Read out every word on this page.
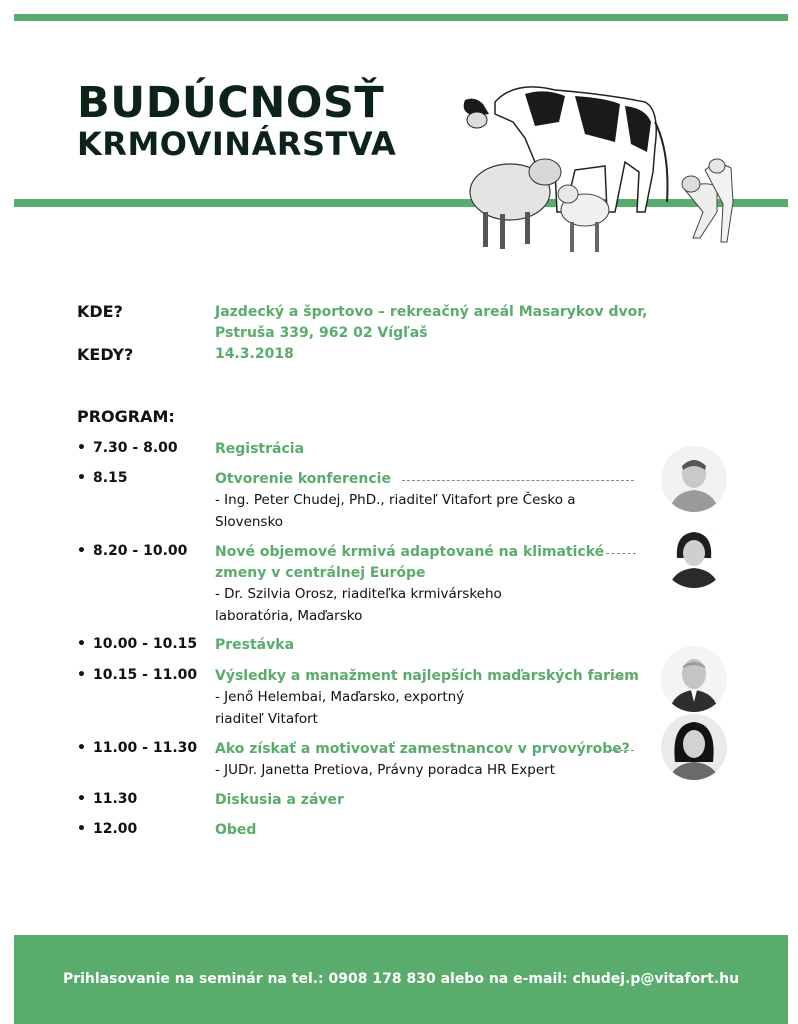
BUDÚCNOSŤ
KRMOVINÁRSTVA
KDE?	Jazdecký a športovo – rekreačný areál Masarykov dvor,
Pstruša 339, 962 02 Vígľaš
KEDY?	14.3.2018
PROGRAM:
• 7.30 - 8.00	Registrácia
• 8.15	Otvorenie konferencie
- Ing. Peter Chudej, PhD., riaditeľ Vitafort pre Česko a
Slovensko
• 8.20 - 10.00 Nové objemové krmivá adaptované na klimatické
zmeny v centrálnej Európe
- Dr. Szilvia Orosz, riaditeľka krmivárskeho
laboratória, Maďarsko
• 10.00 - 10.15 Prestávka
• 10.15 - 11.00 Výsledky a manažment najlepších maďarských fariem
- Jenő Helembai, Maďarsko, exportný
riaditeľ Vitafort
• 11.00 - 11.30 Ako získať a motivovať zamestnancov v prvovýrobe?
- JUDr. Janetta Pretiova, Právny poradca HR Expert
• 11.30	Diskusia a záver
• 12.00	Obed
Prihlasovanie na seminár na tel.: 0908 178 830 alebo na e-mail: chudej.p@vitafort.hu
